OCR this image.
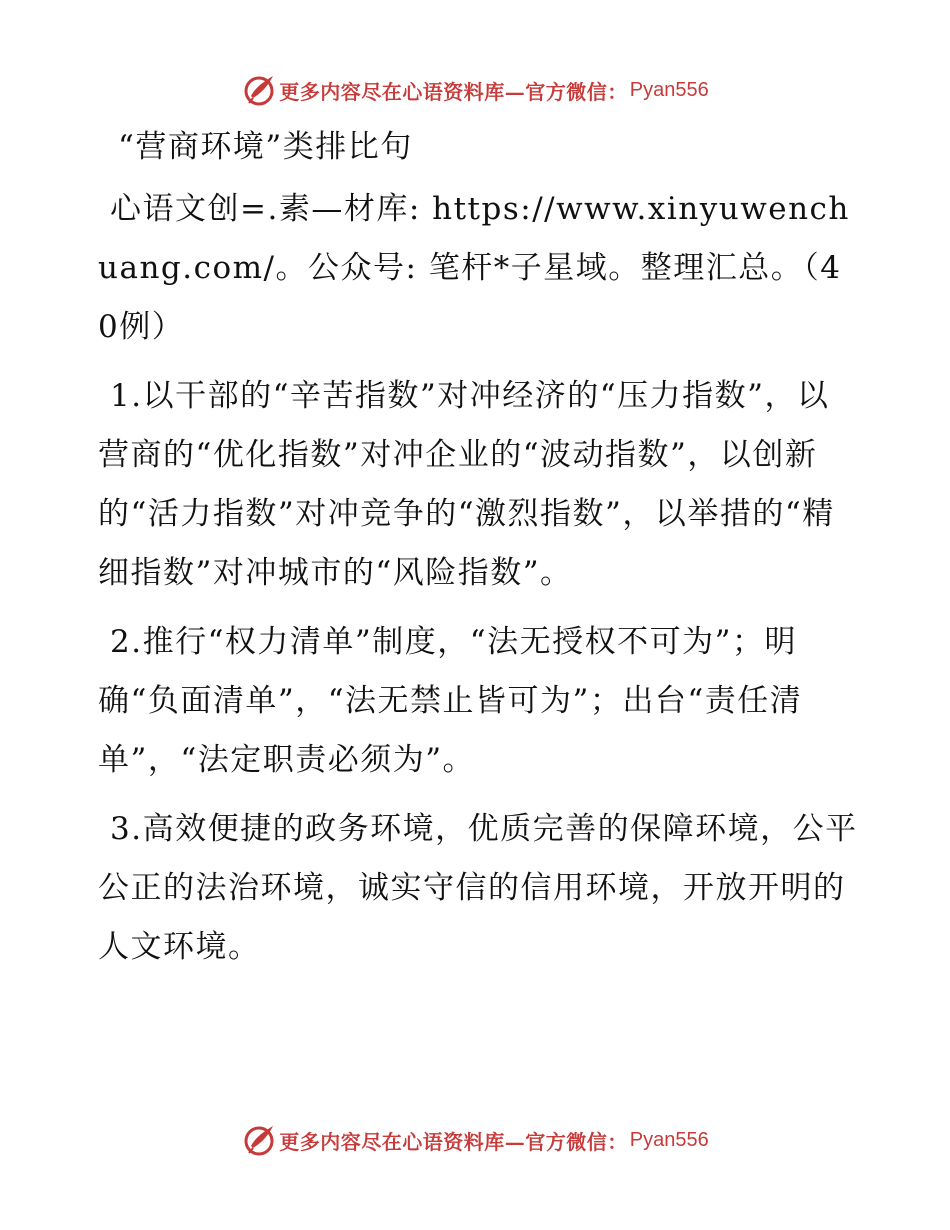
更多内容尽在心语资料库—官方微信： Pyan556

“营商环境”类排比句

心语文创=.素—材库: https://www.xinyuwenchuang.com/。公众号: 笔杆*子星域。整理汇总。（40例）

1.以干部的“辛苦指数”对冲经济的“压力指数”，以营商的“优化指数”对冲企业的“波动指数”，以创新的“活力指数”对冲竞争的“激烈指数”，以举措的“精细指数”对冲城市的“风险指数”。

2.推行“权力清单”制度，“法无授权不可为”；明确“负面清单”，“法无禁止皆可为”；出台“责任清单”，“法定职责必须为”。

3.高效便捷的政务环境，优质完善的保障环境，公平公正的法治环境，诚实守信的信用环境，开放开明的人文环境。

更多内容尽在心语资料库—官方微信： Pyan556
